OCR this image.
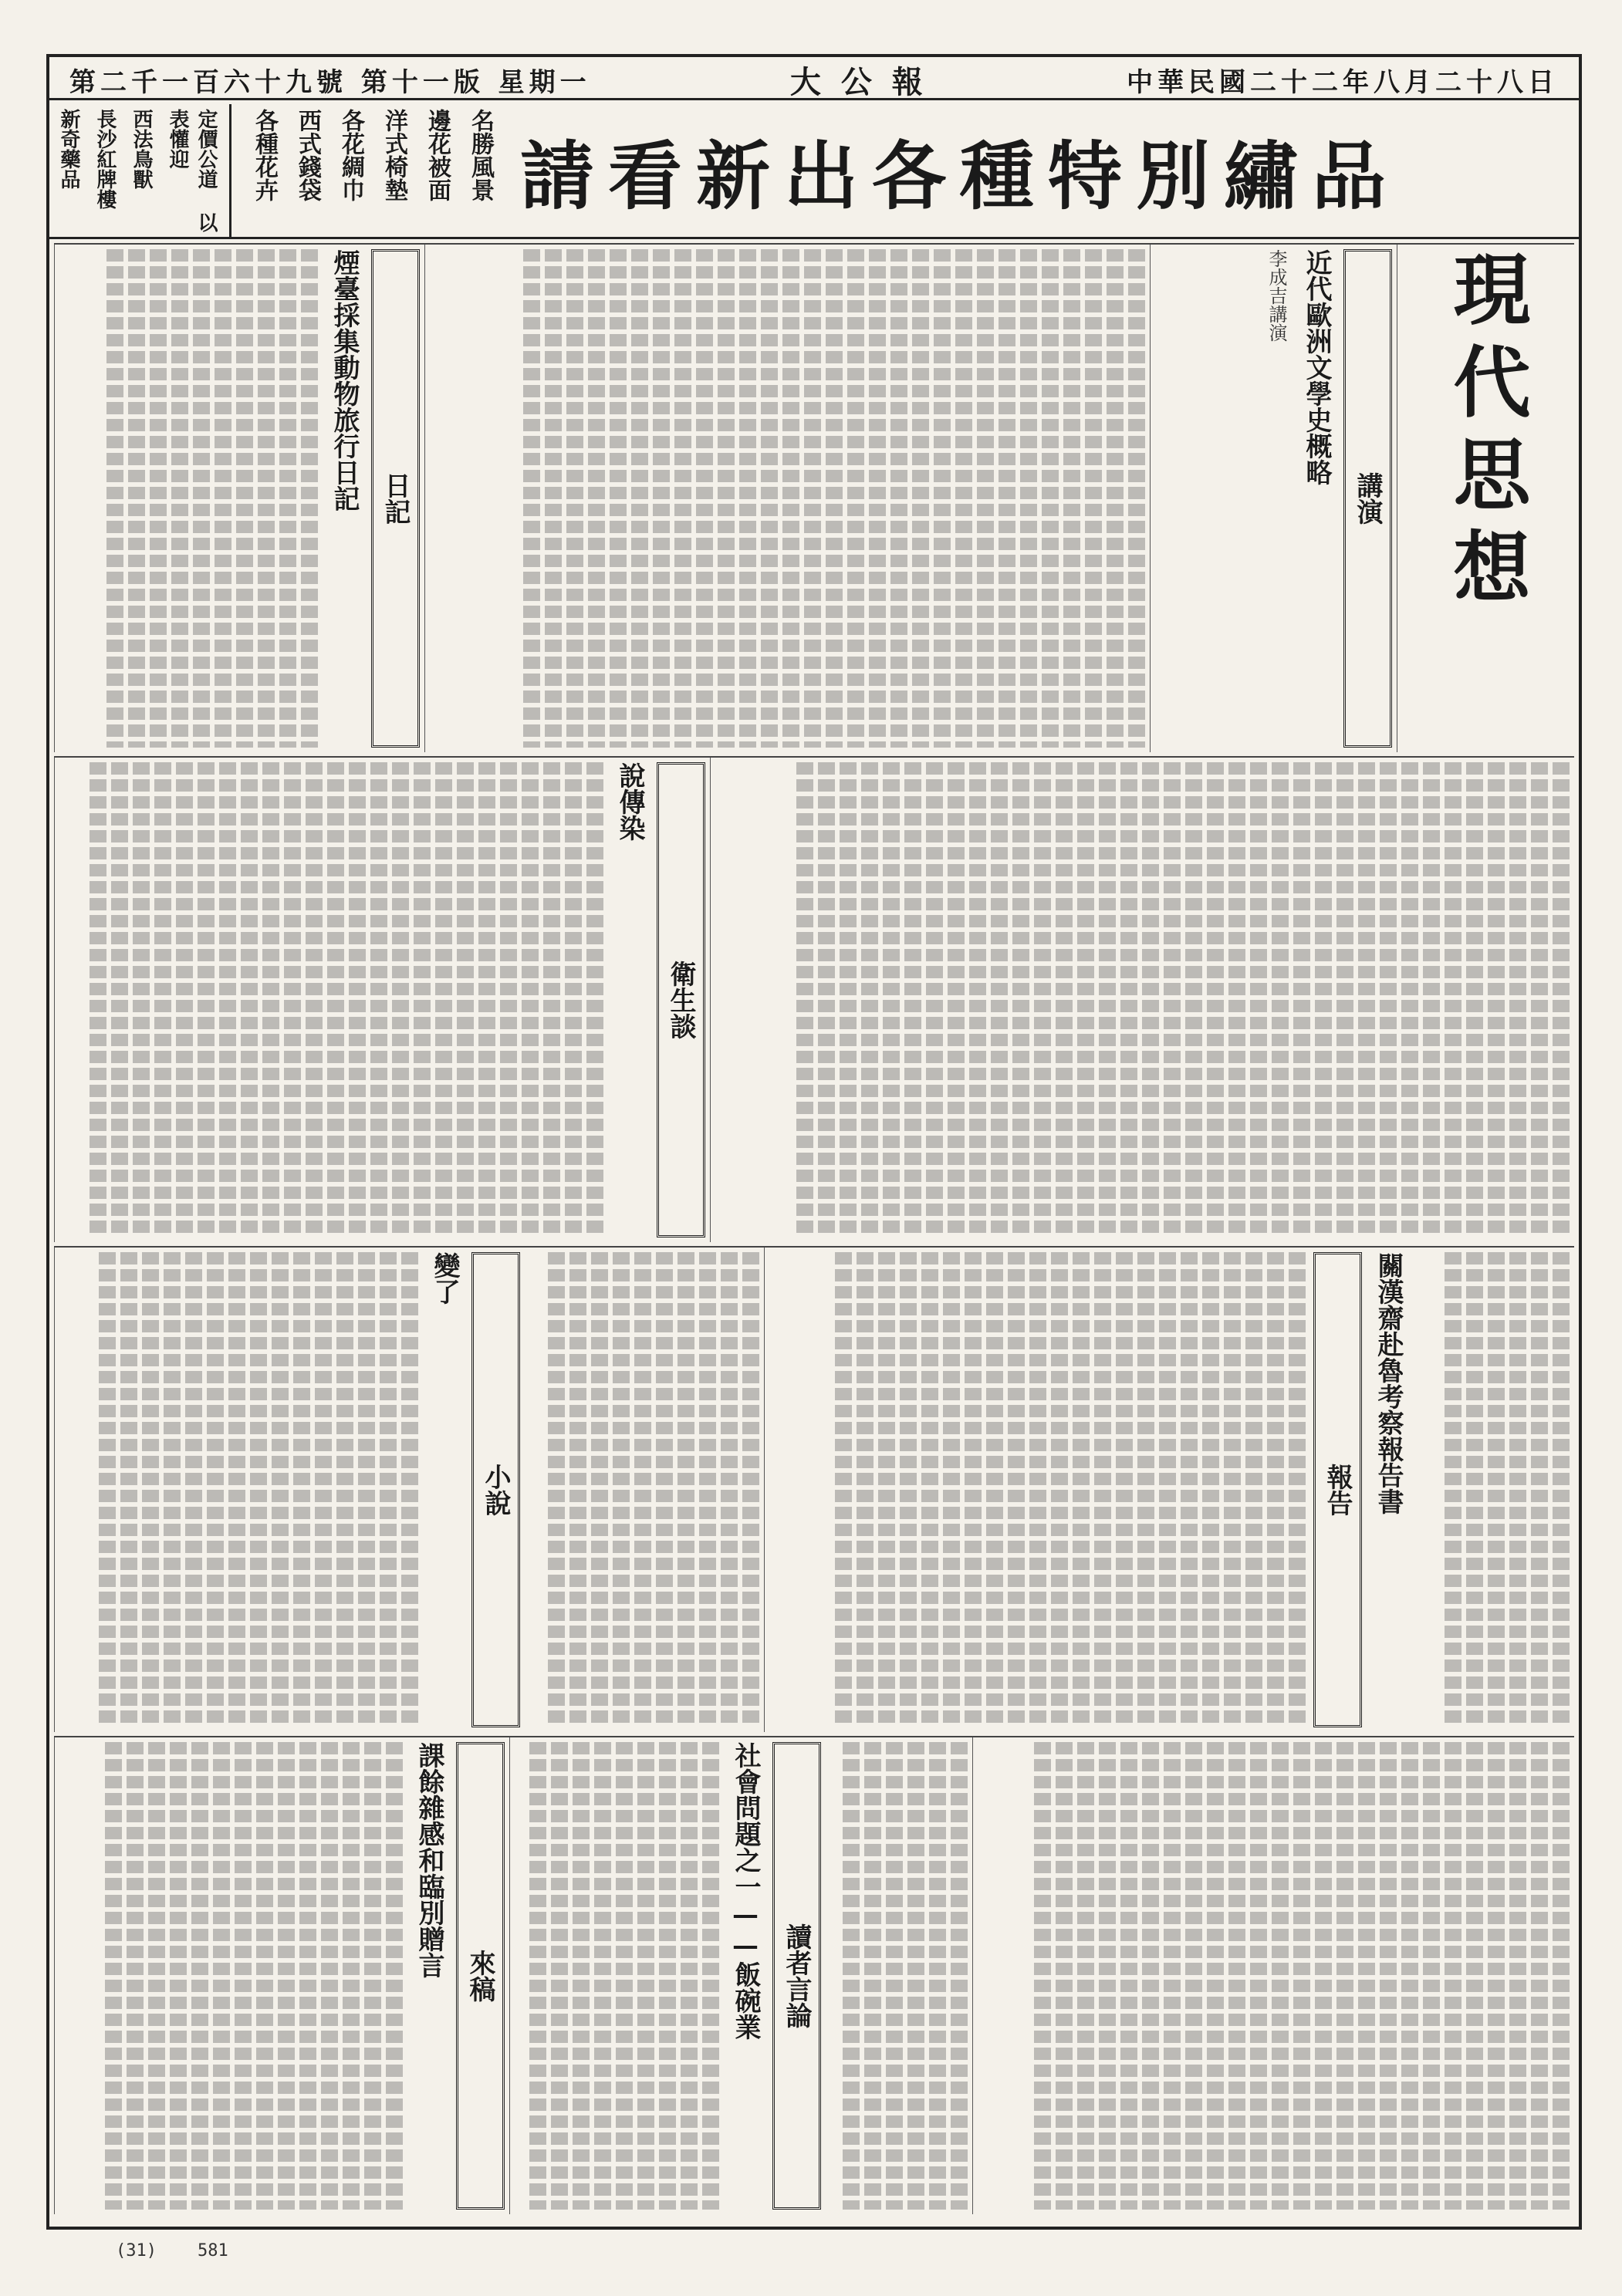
第二千一百六十九號 第十一版 星期一	大 公 報	中華民國二十二年八月二十八日
定價公道 以表懽迎
西法鳥獸
長沙紅牌樓
新奇藥品	名勝風景
邊花被面
洋式椅墊
各花綢巾
西式錢袋
各種花卉	請看新出各種特別繡品
現代思想
講演
近代歐洲文學史概略
李成吉講演
日記
煙臺採集動物旅行日記
衛生談
說傳染
關漢齋赴魯考察報告書
報告
小說
變了
讀者言論
社會問題之一——飯碗業
來稿
課餘雜感和臨別贈言
(31) 581
